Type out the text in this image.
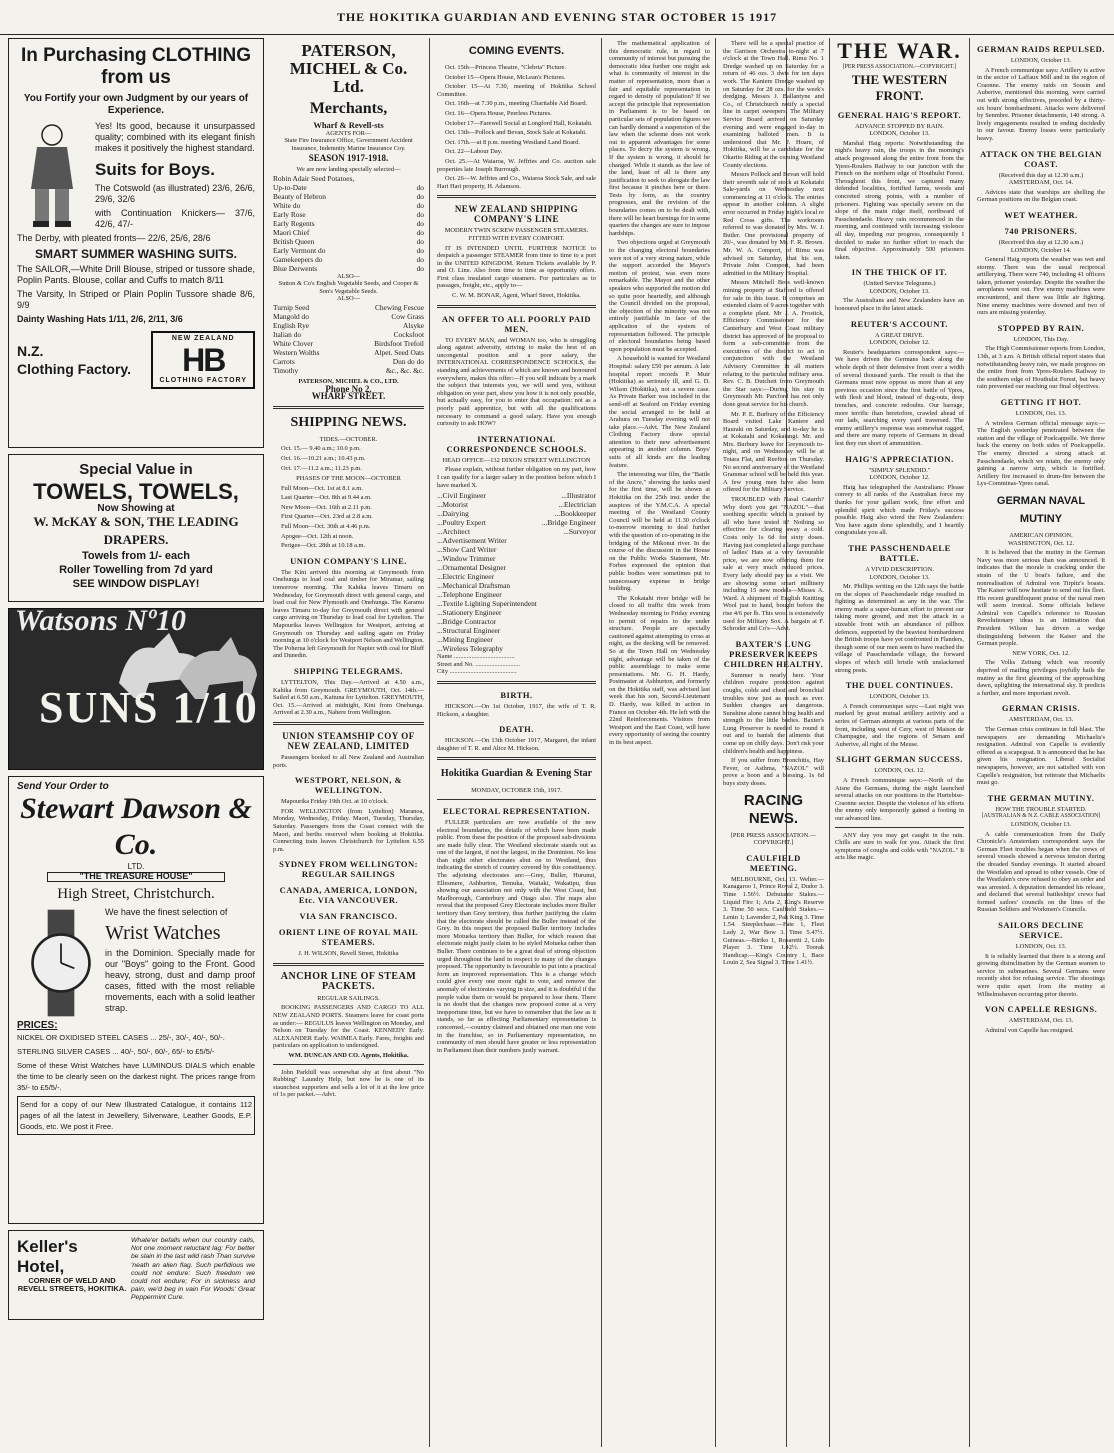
THE HOKITIKA GUARDIAN AND EVENING STAR OCTOBER 15 1917
In Purchasing CLOTHING from us
You Fortify your own Judgment by our years of Experience.

Yes! Its good, because it unsurpassed quality; combined with its elegant finish makes it positively the highest standard.

Suits for Boys.

The Cotswold (as illustrated) 23/6, 26/6, 29/6, 32/6

with Continuation Knickers— 37/6, 42/6, 47/-

The Derby, with pleated fronts— 22/6, 25/6, 28/6

SMART SUMMER WASHING SUITS.

The SAILOR,—White Drill Blouse, striped or tussore shade, Poplin Pants. Blouse, collar and Cuffs to match 8/11

The Varsity, In Striped or Plain Poplin Tussore shade 8/6, 9/9

Dainty Washing Hats 1/11, 2/6, 2/11, 3/6

N.Z.
Clothing Factory.
NEW ZEALAND
HB
CLOTHING FACTORY
Special Value in
TOWELS, TOWELS,
Now Showing at
W. McKAY & SON, THE LEADING DRAPERS.
Towels from 1/- each
Roller Towelling from 7d yard
SEE WINDOW DISPLAY!
Watsons Nº10
SUNS 1/10
Send Your Order to
Stewart Dawson & Co.
LTD.
"THE TREASURE HOUSE"
High Street, Christchurch.

We have the finest selection of

Wrist Watches

in the Dominion. Specially made for our "Boys" going to the Front. Good heavy, strong, dust and damp proof cases, fitted with the most reliable movements, each with a solid leather strap.

PRICES:

NICKEL OR OXIDISED STEEL CASES ... 25/-, 30/-, 40/-, 50/-.

STERLING SILVER CASES ... 40/-, 50/-, 60/-, 65/- to £5/5/-

Some of these Wrist Watches have LUMINOUS DIALS which enable the time to be clearly seen on the darkest night. The prices range from 35/- to £5/5/-.

Send for a copy of our New Illustrated Catalogue, it contains 112 pages of all the latest in Jewellery, Silverware, Leather Goods, E.P. Goods, etc. We post it Free.

Keller's Hotel,
CORNER OF WELD AND REVELL STREETS, HOKITIKA.
Whate'er befalls when our country calls, Not one moment reluctant lag: For better be slain in the last wild rash Than survive 'neath an alien flag. Such perfidious we could not endure: Such freedom we could not endure; For in sickness and pain, we'd beg in vain For Woods' Great Peppermint Cure.
PATERSON, MICHEL & Co. Ltd.
Merchants,
Wharf & Revell-sts
AGENTS FOR—
State Fire Insurance Office, Government Accident Insurance, Indemnity Marine Insurance Coy.
SEASON 1917-1918.
We are now landing specially selected—
Robin Adair Seed Potatoes,
Up-to-Date	do
Beauty of Hebron	do
White do	do
Early Rose	do
Early Regents	do
Maori Chief	do
British Queen	do
Early Vermont do	do
Gamekeepers do	do
Blue Derwents	do
ALSO—
Sutton & Co's English Vegetable Seeds, and Cooper & Son's Vegetable Seeds.
ALSO—
Turnip Seed	Chewing Fescue
Mangold do	Cow Grass
English Rye	Alsyke
Italian do	Cocksfoot
White Clover	Birdsfoot Trefoil
Western Wolths	Alpet. Seed Oats
Carrots	Dun do do
Timothy	&c., &c. &c.
PATERSON, MICHEL & CO., LTD.
Phone No 2.
WHARF STREET.
SHIPPING NEWS.
TIDES.—OCTOBER.
Oct. 15.— 9.40 a.m.; 10.0 p.m.
Oct. 16.—10.21 a.m.; 10.43 p.m.
Oct. 17.—11.2 a.m.; 11.23 p.m.
PHASES OF THE MOON—OCTOBER
Full Moon—Oct. 1st at 8.1 a.m.
Last Quarter—Oct. 8th at 9.44 a.m.
New Moon—Oct. 16th at 2.11 p.m.
First Quarter—Oct. 23rd at 2.8 a.m.
Full Moon—Oct. 30th at 4.46 p.m.
Apogee—Oct. 12th at noon.
Perigee—Oct. 28th at 10.18 a.m.
UNION COMPANY'S LINE.
The Kini arrived this morning at Greymouth from Onehunga to load coal and timber for Miramar, sailing tomorrow morning. The Kahika leaves Timaru on Wednesday, for Greymouth direct with general cargo, and load coal for New Plymouth and Onehunga. The Karamu leaves Timaru to-day for Greymouth direct with general cargo arriving on Thursday to load coal for Lyttelton. The Mapourika leaves Wellington for Westport, arriving at Greymouth on Thursday and sailing again on Friday morning at 10 o'clock for Westport Nelson and Wellington. The Poherua left Greymouth for Napier with coal for Bluff and Dunedin.
SHIPPING TELEGRAMS.
LYTTELTON, This Day.—Arrived at 4.50 a.m., Kahika from Greymouth. GREYMOUTH, Oct. 14th.—Sailed at 6.50 a.m., Kaituna for Lyttelton. GREYMOUTH, Oct. 15.—Arrived at midnight, Kini from Onehunga. Arrived at 2.30 a.m., Nahere from Wellington.
UNION STEAMSHIP COY OF NEW ZEALAND, LIMITED
Passengers booked to all New Zealand and Australian ports.
WESTPORT, NELSON, & WELLINGTON.
Mapourika Friday 19th Oct. at 10 o'clock.
FOR WELLINGTON (from Lyttelton) Maranoa, Monday, Wednesday, Friday. Maori, Tuesday, Thursday, Saturday. Passengers from the Coast connect with the Maori, and berths reserved when booking at Hokitika. Connecting train leaves Christchurch for Lyttelton 6.55 p.m.
SYDNEY FROM WELLINGTON: REGULAR SAILINGS
CANADA, AMERICA, LONDON, Etc. VIA VANCOUVER.
VIA SAN FRANCISCO.
ORIENT LINE OF ROYAL MAIL STEAMERS.
J. H. WILSON, Revell Street, Hokitika
ANCHOR LINE OF STEAM PACKETS.
REGULAR SAILINGS.
BOOKING PASSENGERS AND CARGO TO ALL NEW ZEALAND PORTS. Steamers leave for coast ports as under:— REGULUS leaves Wellington on Monday, and Nelson on Tuesday for the Coast. KENNEDY Early. ALEXANDER Early. WAIMEA Early. Fares, freights and particulars on application to undersigned.
WM. DUNCAN AND CO. Agents, Hokitika.
John Parkhill was somewhat shy at first about "No Rubbing" Laundry Help, but now he is one of its staunchest supporters and sells a lot of it at the low price of 1s per packet.—Advt.
COMING EVENTS.
Oct. 15th—Princess Theatre, "Clebria" Picture.
October 15—Opera House, McLean's Pictures.
October 15—At 7.30, meeting of Hokitika School Committee.
Oct. 16th—at 7.30 p.m., meeting Charitable Aid Board.
Oct. 16—Opera House, Peerless Pictures.
October 17—Farewell Social at Longford Hall, Kokatahi.
Oct. 13th—Pollock and Bevan, Stock Sale at Kokatahi.
Oct. 17th.—at 8 p.m. meeting Westland Land Board.
Oct. 22—Labour Day.
Oct. 25.—At Waiaroa, W. Jeffries and Co. auction sale properties late Joseph Burrough.
Oct. 26—W. Jeffries and Co., Waiaroa Stock Sale, and sale Hari Hari property, H. Adamson.
NEW ZEALAND SHIPPING COMPANY'S LINE
MODERN TWIN SCREW PASSENGER STEAMERS. FITTED WITH EVERY COMFORT.
IT IS INTENDED UNTIL FURTHER NOTICE to despatch a passenger STEAMER from time to time to a port in the UNITED KINGDOM. Return Tickets available by P. and O. Line. Also from time to time as opportunity offers. First class insulated cargo steamers. For particulars as to passages, freight, etc., apply to—
C. W. M. BONAR, Agent, Wharf Street, Hokitika.
AN OFFER TO ALL POORLY PAID MEN.
TO EVERY MAN, and WOMAN too, who is struggling along against adversity, striving to make the best of an uncongenial position and a poor salary, the INTERNATIONAL CORRESPONDENCE SCHOOLS, the standing and achievements of which are known and honoured everywhere, makes this offer:—If you will indicate by a mark the subject that interests you, we will send you, without obligation on your part, show you how it is not only possible, but actually easy, for you to enter that occupation: not as a poorly paid apprentice, but with all the qualifications necessary to command a good salary. Have you enough curiosity to ask HOW?
INTERNATIONAL CORRESPONDENCE SCHOOLS.
HEAD OFFICE—132 DIXON STREET WELLINGTON
Please explain, without further obligation on my part, how I can qualify for a larger salary in the position before which I have marked X.
...Civil Engineer	...Illustrator
...Motorist	...Electrician
...Dairying	...Bookkeeper
...Poultry Expert	...Bridge Engineer
...Architect	...Surveyor
...Advertisement Writer
...Show Card Writer
...Window Trimmer
...Ornamental Designer
...Electric Engineer
...Mechanical Draftsman
...Telephone Engineer
...Textile Lighting Superintendent
...Stationery Engineer
...Bridge Contractor
...Structural Engineer
...Mining Engineer
...Wireless Telegraphy
Name ......................................
Street and No. ............................
City ..........................................
BIRTH.
HICKSON.—On 1st October, 1917, the wife of T. R. Hickson, a daughter.
DEATH.
HICKSON.—On 13th October 1917, Margaret, the infant daughter of T. R. and Alice M. Hickson.
Hokitika Guardian & Evening Star
MONDAY, OCTOBER 15th, 1917.
ELECTORAL REPRESENTATION.
FULLER particulars are now available of the new electoral boundaries, the details of which have been made public. From these the position of the proposed sub-divisions are made fully clear. The Westland electorate stands out as one of the largest, if not the largest, in the Dominion. No less than eight other electorates abut on to Westland, thus indicating the stretch of country covered by this constituency. The adjoining electorates are:—Grey, Buller, Hurunui, Ellesmere, Ashburton, Temuka, Waitaki, Wakatipu, thus showing our association not only with the West Coast, but Marlborough, Canterbury and Otago also. The maps also reveal that the proposed Grey Electorate includes more Buller territory than Grey territory, thus further justifying the claim that the electorate should be called the Buller instead of the Grey. In this respect the proposed Buller territory includes more Motueka territory than Buller, for which reason that electorate might justly claim to be styled Motueka rather than Buller. There continues to be a great deal of strong objection urged throughout the land in respect to many of the changes proposed. The opportunity is favourable to put into a practical form an improved representation. This is a change which could give every one more right to vote, and remove the anomaly of electorates varying in size, and it is doubtful if the people value them or would be prepared to lose them. There is no doubt that the changes now proposed come at a very inopportune time, but we have to remember that the law as it stands, so far as effecting Parliamentary representation is concerned,—country claimed and obtained one man one vote in the franchise, so in Parliamentary representation, no community of men should have greater or less representation in Parliament than their numbers justly warrant.
The mathematical application of this democratic rule, in regard to community of interest but pursuing the democratic idea further one might ask what is community of interest in the matter of representation, more than a fair and equitable representation in regard to density of population? If we accept the principle that representation in Parliament is to be based on particular sets of population figures we can hardly demand a suspension of the law when the scheme does not work out to apparent advantages for some places. To decry the system is wrong. If the system is wrong, it should be changed. While it stands as the law of the land, least of all is there any justification to seek to abrogate the law first because it pinches here or there. Tests by form, as the country progresses, and the revision of the boundaries comes on to be dealt with, there will be heart burnings for in some quarters the changes are sure to impose hardships.
Two objections urged at Greymouth to the changing electoral boundaries were not of a very strong nature, while the support accorded the Mayor's motion of protest, was even more remarkable. The Mayor and the other speakers who supported the motion did so quite poor heartedly, and although the Council divided on the proposal, the objection of the minority was not entirely justifiable in face of the application of the system of representation followed. The principle of electoral boundaries being based upon population must be accepted.
A household is wanted for Westland Hospital: salary £50 per annum. A late hospital report records P. Muir (Hokitika) as seriously ill, and G. D. Wilson (Hokitika), not a severe case. As Private Barker was included in the send-off at Seaford on Friday evening the social arranged to be held at Arahura on Tuesday evening will not take place.—Advt. The New Zealand Clothing Factory draw special attention to their new advertisement appearing in another column. Boys' suits of all kinds are the leading feature.
The interesting war film, the "Battle of the Ancre," showing the tanks used for the first time, will be shown at Hokitika on the 25th inst. under the auspices of the Y.M.C.A. A special meeting of the Westland County Council will be held at 11.30 o'clock to-morrow morning to deal further with the question of co-operating in the bridging of the Mikonui river. In the course of the discussion in the House on the Public Works Statement, Mr. Forbes expressed the opinion that public bodies were sometimes put to unnecessary expense in bridge building.
The Kokatahi river bridge will be closed to all traffic this week from Wednesday morning to Friday evening to permit of repairs to the under structure. People are specially cautioned against attempting to cross at night, as the decking will be removed. So at the Town Hall on Wednesday night, advantage will be taken of the public assemblage to make some presentations. Mr. G. H. Hardy, Postmaster at Ashburton, and formerly on the Hokitika staff, was advised last week that his son, Second-Lieutenant D. Hardy, was killed in action in France on October 4th. He left with the 22nd Reinforcements. Visitors from Westport and the East Coast, will have every opportunity of seeing the country in its best aspect.
THE WAR.
[PER PRESS ASSOCIATION.—COPYRIGHT.]
THE WESTERN FRONT.
GENERAL HAIG'S REPORT.
ADVANCE STOPPED BY RAIN.
LONDON, October 13.
Marshal Haig reports: Notwithstanding the night's heavy rain, the troops in the morning's attack progressed along the entire front from the Ypres-Roulers Railway to our junction with the French on the northern edge of Houthulst Forest. Throughout this front, we captured many defended localities, fortified farms, woods and concreted strong points, with a number of prisoners. Fighting was specially severe on the slope of the main ridge itself, northward of Passchendaele. Heavy rain recommenced in the morning, and continued with increasing violence all day, impeding our progress, consequently I decided to make no further effort to reach the final objective. Approximately 500 prisoners taken.
IN THE THICK OF IT.
(United Service Telegrams.)
LONDON, October 13.
The Australians and New Zealanders have an honoured place in the latest attack.
REUTER'S ACCOUNT.
A GREAT DRIVE.
LONDON, October 12.
Reuter's headquarters correspondent says:—We have driven the Germans back along the whole depth of their defensive front over a width of several thousand yards. The result is that the Germans must now oppose us more than at any previous occasion since the first battle of Ypres, with flesh and blood, instead of dug-outs, deep trenches, and concrete redoubts. Our barrage, more terrific than heretofore, crawled ahead of our lads, searching every yard traversed. The enemy artillery's response was somewhat ragged, and there are many reports of Germans in dread lest they run short of ammunition.
HAIG'S APPRECIATION.
"SIMPLY SPLENDID."
LONDON, October 12.
Haig has telegraphed the Australians: Please convey to all ranks of the Australian force my thanks for your gallant work, fine effort and splendid spirit which made Friday's success possible. Haig also wired the New Zealanders: You have again done splendidly, and I heartily congratulate you all.
THE PASSCHENDAELE BATTLE.
A VIVID DESCRIPTION.
LONDON, October 13.
Mr. Phillips writing on the 12th says the battle on the slopes of Passchendaele ridge resulted in fighting as determined as any in the war. The enemy made a super-human effort to prevent our taking more ground, and met the attack in a sizeable front with an abundance of pillbox defences, supported by the heaviest bombardment the British troops have yet confronted in Flanders, though some of our men seem to have reached the village of Passchendaele village, the forward slopes of which still bristle with unslackened strong posts.
THE DUEL CONTINUES.
LONDON, October 13.
A French communique says:—Last night was marked by great mutual artillery activity and a series of German attempts at various parts of the front, including west of Cery, west of Maison de Champagne, and the regions of Senam and Auberive, all right of the Meuse.
SLIGHT GERMAN SUCCESS.
LONDON, Oct. 12.
A French communique says:—North of the Aisne the Germans, during the night launched several attacks on our positions in the Hurtebise-Craonne sector. Despite the violence of his efforts the enemy only temporarily gained a footing in our advanced line.
ANY day you may get caught in the rain. Chills are sure to walk for you. Attack the first symptoms of coughs and colds with "NAZOL." It acts like magic.
GERMAN RAIDS REPULSED.
LONDON, October 13.
A French communique says: Artillery is active in the sector of Laffaux Mill and in the region of Craonne. The enemy raids on Sousin and Auberive, mentioned this morning, were carried out with strong effectives, preceded by a thirty-six hours' bombardment. Attacks were delivered by Senmbre. Prisoner detachments, 140 strong. A lively engagements resulted in ending decidedly in our favour. Enemy losses were particularly heavy.
ATTACK ON THE BELGIAN COAST.
(Received this day at 12.30 a.m.)
AMSTERDAM, Oct. 14.
Advices state that warships are shelling the German positions on the Belgian coast.
WET WEATHER.
740 PRISONERS.
(Received this day at 12.30 a.m.)
LONDON, October 14.
General Haig reports the weather was wet and stormy. There was the usual reciprocal artillerying. There were 740, including 41 officers taken, prisoner yesterday. Despite the weather the aeroplanes went out. Few enemy machines were encountered, and there was little air fighting. Nine enemy machines were downed and two of ours are missing yesterday.
STOPPED BY RAIN.
LONDON, This Day.
The High Commissioner reports from London, 13th, at 3 a.m. A British official report states that notwithstanding heavy rain, we made progress on the entire front from Ypres-Roulers Railway to the southern edge of Houthulst Forest, but heavy rain prevented our reaching our final objectives.
GETTING IT HOT.
LONDON, Oct. 13.
A wireless German official message says:—The English yesterday penetrated between the station and the village of Poelcappelle. We threw back the enemy on both sides of Poelcappelle. The enemy directed a strong attack at Passchendaele, which we retain, the enemy only gaining a narrow strip, which is fortified. Artillery fire increased to drum-fire between the Lys-Comminas-Ypres canal.
GERMAN NAVAL MUTINY
AMERICAN OPINION.
WASHINGTON, Oct. 12.
It is believed that the mutiny in the German Navy was more serious than was announced. It indicates that the morale is cracking under the strain of the U boat's failure, and the nonrealisation of Admiral von Tirpitz's boasts. The Kaiser will now hesitate to send out his fleet. His recent grandiloquent praise of the naval men will seem ironical. Some officials believe Admiral von Capelle's reference to Russian Revolutionary ideas is an intimation that President Wilson has driven a wedge distinguishing between the Kaiser and the German people.
NEW YORK, Oct. 12.
The Volks Zeitung which was recently deprived of mailing privileges joyfully hails the mutiny as the first gleaming of the approaching dawn, uplighting the international sky. It predicts a further, and more important revolt.
GERMAN CRISIS.
AMSTERDAM, Oct. 13.
The German crisis continues in full blast. The newspapers are demanding Michaelis's resignation. Admiral von Capelle is evidently offered as a scapegoat. It is announced that he has given his resignation. Liberal Socialist newspapers, however, are not satisfied with von Capelle's resignation, but reiterate that Michaelis must go.
THE GERMAN MUTINY.
HOW THE TROUBLE STARTED.
[AUSTRALIAN & N.Z. CABLE ASSOCIATION]
LONDON, October 13.
A cable communication from the Daily Chronicle's Amsterdam correspondent says the German Fleet troubles began when the crews of several vessels showed a nervous tension during the dreaded Sunday evenings. It started aboard the Westfalen and spread to other vessels. One of the Westfalen's crew refused to obey an order and was arrested. A deputation demanded his release, and declared that several battleships' crews had formed sailors' councils on the lines of the Russian Soldiers and Workmen's Councils.
SAILORS DECLINE SERVICE.
LONDON, Oct. 13.
It is reliably learned that there is a strong and growing disinclination by the German seamen to service in submarines. Several Germans were recently shot for refusing service. The shootings were quite apart from the mutiny at Wilhelmshaven occurring prior thereto.
VON CAPELLE RESIGNS.
AMSTERDAM, Oct. 13.
Admiral von Capelle has resigned.
There will be a special practice of the Garrison Orchestra to-night at 7 o'clock at the Town Hall. Rimu No. 1 Dredge washed up on Saturday for a return of 46 ozs. 3 dwts for ten days work. The Kaniere Dredge washed up on Saturday for 28 ozs. for the week's dredging. Messrs J. Ballantyne and Co., of Christchurch notify a special line in carpet sweepers. The Military Service Board arrived on Saturday evening and were engaged to-day in examining balloted men. It is understood that Mr. J. Hoare, of Hokitika, will be a candidate for the Okarito Riding at the coming Westland County elections.
Messrs Pollock and Bevan will hold their seventh sale of stock at Kokatahi Sale-yards on Wednesday next commencing at 11 o'clock. The entries appear in another column. A slight error occurred in Friday night's local re Red Cross gifts. The workroom referred to was donated by Mrs. W. J. Butler. One provisional property of 20/-, was donated by Mr. F. R. Brown. Mr. W. A. Comport, of Rimu was advised on Saturday, that his son, Private John Comport, had been admitted to the Military Hospital.
Messrs Mitchell Bros well-known mining property at Stafford is offered for sale in this issue. It comprises an extended claim of 9 acres together with a complete plant. Mr J. A. Frostick, Efficiency Commissioner for the Canterbury and West Coast military district has approved of the proposal to form a sub-committee from the executives of the district to act in conjunction with the Westland Advisory Committee in all matters relating to the particular military area. Rev. C. B. Dutchett from Greymouth the Star says:—During his stay in Greymouth Mr. Parcford has not only done great service for his church.
Mr. P. E. Burbury of the Efficiency Board visited Lake Kaniere and Hauraki on Saturday, and to-day he is at Kokatahi and Kokatangi. Mr. and Mrs. Burbury leave for Greymouth to-night, and on Wednesday will be at Totara Flat, and Reefton on Thursday. No second anniversary of the Westland Grammar school will be held this year. A few young men have also been offered for the Military Service.
TROUBLED with Nasal Catarrh? Why don't you get "NAZOL"—that soothing specific which is praised by all who have tested it? Nothing so effective for clearing away a cold. Costs only 1s 6d for sixty doses. Having just completed a large purchase of ladies' Hats at a very favourable price, we are now offering them for sale at very much reduced prices. Every lady should pay us a visit. We are showing some smart millinery including 15 new models—Misses A. Ward. A shipment of English Knitting Wool just to hand, bought before the rise 4/6 per lb. This wool is extensively used for Military Sox. A bargain at F. Schroder and Co's—Advt.
BAXTER'S LUNG PRESERVER KEEPS CHILDREN HEALTHY.
Summer is nearly here. Your children require protection against coughs, colds and chest and bronchial troubles now just as much as ever. Sudden changes are dangerous. Sunshine alone cannot bring health and strength to the little bodies. Baxter's Lung Preserver is needed to round it out and to banish the ailments that come up on chilly days. Don't risk your children's health and happiness.
If you suffer from Bronchitis, Hay Fever, or Asthma, "NAZOL" will prove a boon and a blessing. 1s 6d buys sixty doses.
RACING NEWS.
[PER PRESS ASSOCIATION.—COPYRIGHT.]
CAULFIELD MEETING.
MELBOURNE, Oct. 13. Welter.—Kanagaroo 1, Prince Royal 2, Dudor 3. Time 1.56½. Debutante Stakes.—Liquid Fire 1; Aria 2, King's Reserve 3. Time 50 secs. Caulfield Stakes.—Lenin 1; Lavender 2, Pak King 3. Time 1.54. Steeplechase.—Fate 1, Fleet Lady 2, War Bow 3. Time 5.47½. Guineas.—Biriko 1, Rosaretti 2, Lido Player 3. Time 1.42½. Toorak Handicap.—King's Country 1, Bace Louin 2, Sea Signal 3. Time 1.41½.
